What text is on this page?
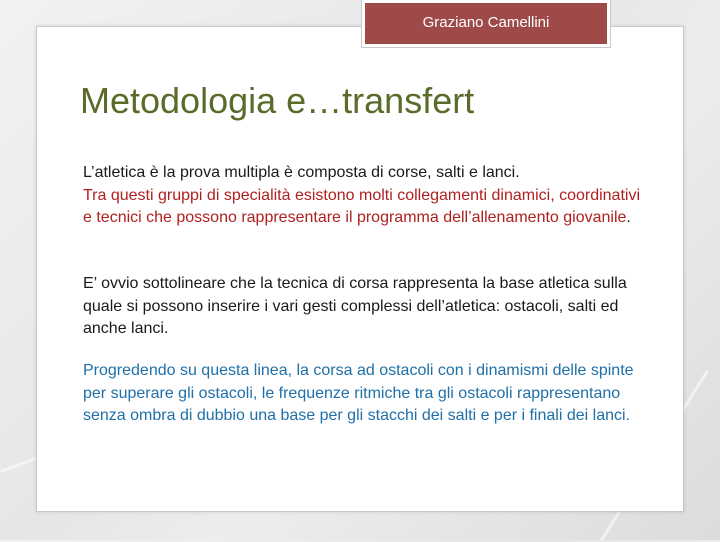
Graziano Camellini
Metodologia e…transfert

L’atletica è la prova multipla è composta di corse, salti e lanci.
Tra questi gruppi di specialità esistono molti collegamenti dinamici, coordinativi e tecnici che possono rappresentare il programma dell’allenamento giovanile.

E’ ovvio sottolineare che la tecnica di corsa rappresenta la base atletica sulla quale si possono inserire i vari gesti complessi dell’atletica: ostacoli, salti ed anche lanci.

Progredendo su questa linea, la corsa ad ostacoli con i dinamismi delle spinte per superare gli ostacoli, le frequenze ritmiche tra gli ostacoli rappresentano senza ombra di dubbio una base per gli stacchi dei salti e per i finali dei lanci.
